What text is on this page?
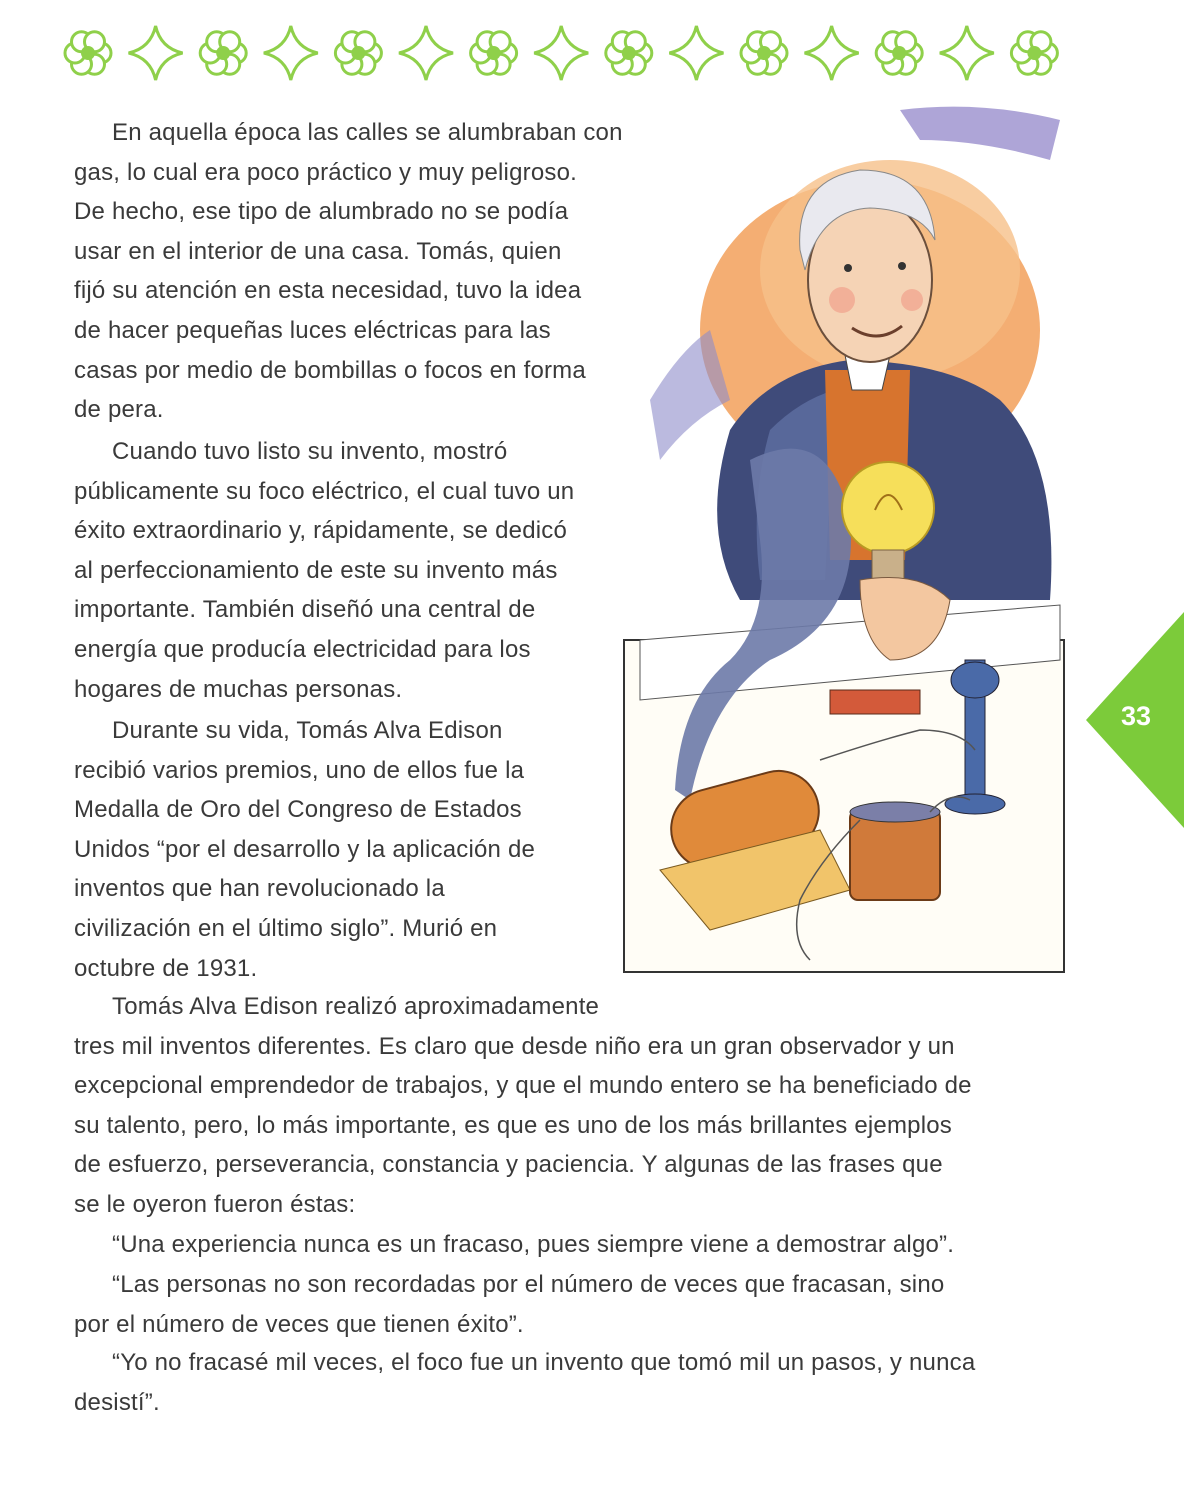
En aquella época las calles se alumbraban con
gas, lo cual era poco práctico y muy peligroso.
De hecho, ese tipo de alumbrado no se podía
usar en el interior de una casa. Tomás, quien
fijó su atención en esta necesidad, tuvo la idea
de hacer pequeñas luces eléctricas para las
casas por medio de bombillas o focos en forma
de pera.
Cuando tuvo listo su invento, mostró
públicamente su foco eléctrico, el cual tuvo un
éxito extraordinario y, rápidamente, se dedicó
al perfeccionamiento de este su invento más
importante. También diseñó una central de
energía que producía electricidad para los
hogares de muchas personas.
Durante su vida, Tomás Alva Edison
recibió varios premios, uno de ellos fue la
Medalla de Oro del Congreso de Estados
Unidos “por el desarrollo y la aplicación de
inventos que han revolucionado la
civilización en el último siglo”. Murió en
octubre de 1931.
Tomás Alva Edison realizó aproximadamente
tres mil inventos diferentes. Es claro que desde niño era un gran observador y un
excepcional emprendedor de trabajos, y que el mundo entero se ha beneficiado de
su talento, pero, lo más importante, es que es uno de los más brillantes ejemplos
de esfuerzo, perseverancia, constancia y paciencia. Y algunas de las frases que
se le oyeron fueron éstas:
“Una experiencia nunca es un fracaso, pues siempre viene a demostrar algo”.
“Las personas no son recordadas por el número de veces que fracasan, sino
por el número de veces que tienen éxito”.
“Yo no fracasé mil veces, el foco fue un invento que tomó mil un pasos, y nunca
desistí”.
33
